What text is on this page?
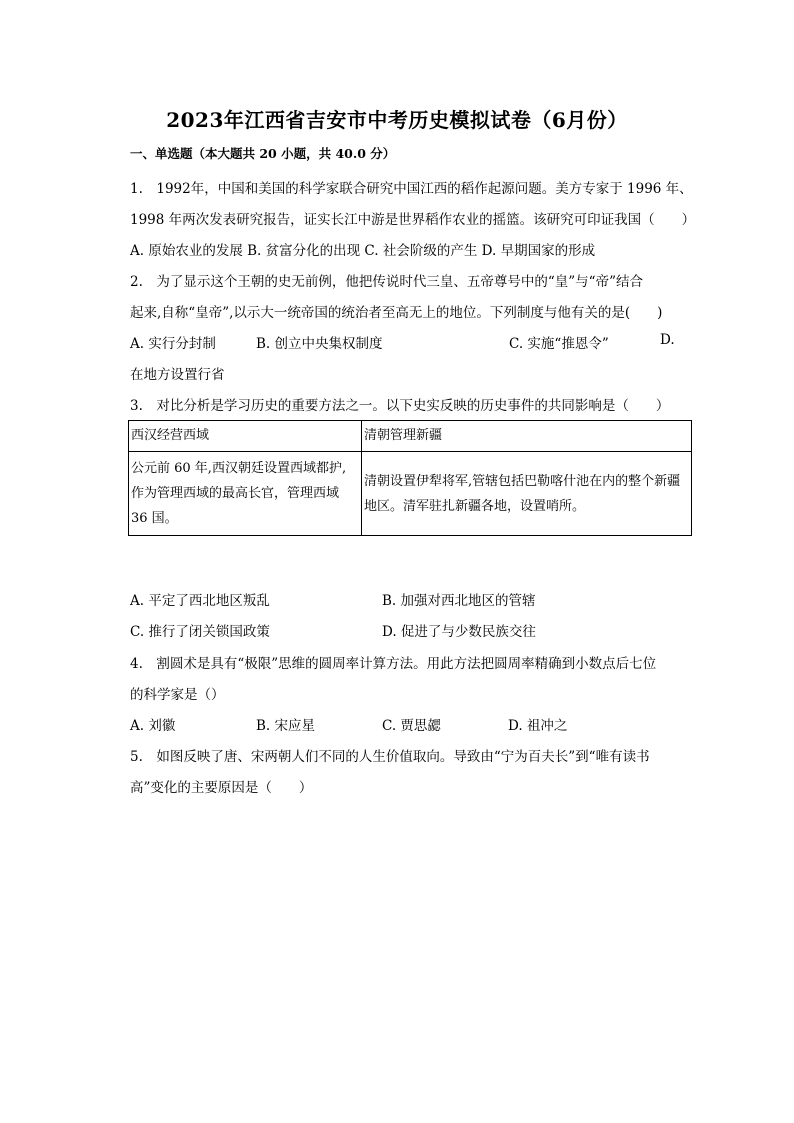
2023年江西省吉安市中考历史模拟试卷（6月份）
一、单选题（本大题共 20 小题，共 40.0 分）
1.　1992年，中国和美国的科学家联合研究中国江西的稻作起源问题。美方专家于 1996 年、
1998 年两次发表研究报告，证实长江中游是世界稻作农业的摇篮。该研究可印证我国（　　）
A. 原始农业的发展 B. 贫富分化的出现 C. 社会阶级的产生 D. 早期国家的形成
2.　为了显示这个王朝的史无前例，他把传说时代三皇、五帝尊号中的“皇”与“帝”结合
起来,自称“皇帝”,以示大一统帝国的统治者至高无上的地位。下列制度与他有关的是(　　)
A. 实行分封制	B. 创立中央集权制度	C. 实施“推恩令”	D.
在地方设置行省
3.　对比分析是学习历史的重要方法之一。以下史实反映的历史事件的共同影响是（　　）
西汉经营西域	清朝管理新疆
公元前 60 年,西汉朝廷设置西域都护,作为管理西域的最高长官，管理西域 36 国。	清朝设置伊犁将军,管辖包括巴勒喀什池在内的整个新疆地区。清军驻扎新疆各地，设置哨所。
A. 平定了西北地区叛乱	B. 加强对西北地区的管辖
C. 推行了闭关锁国政策	D. 促进了与少数民族交往
4.　割圆术是具有“极限”思维的圆周率计算方法。用此方法把圆周率精确到小数点后七位
的科学家是（）
A. 刘徽	B. 宋应星	C. 贾思勰	D. 祖冲之
5.　如图反映了唐、宋两朝人们不同的人生价值取向。导致由“宁为百夫长”到“唯有读书
高”变化的主要原因是（　　）
